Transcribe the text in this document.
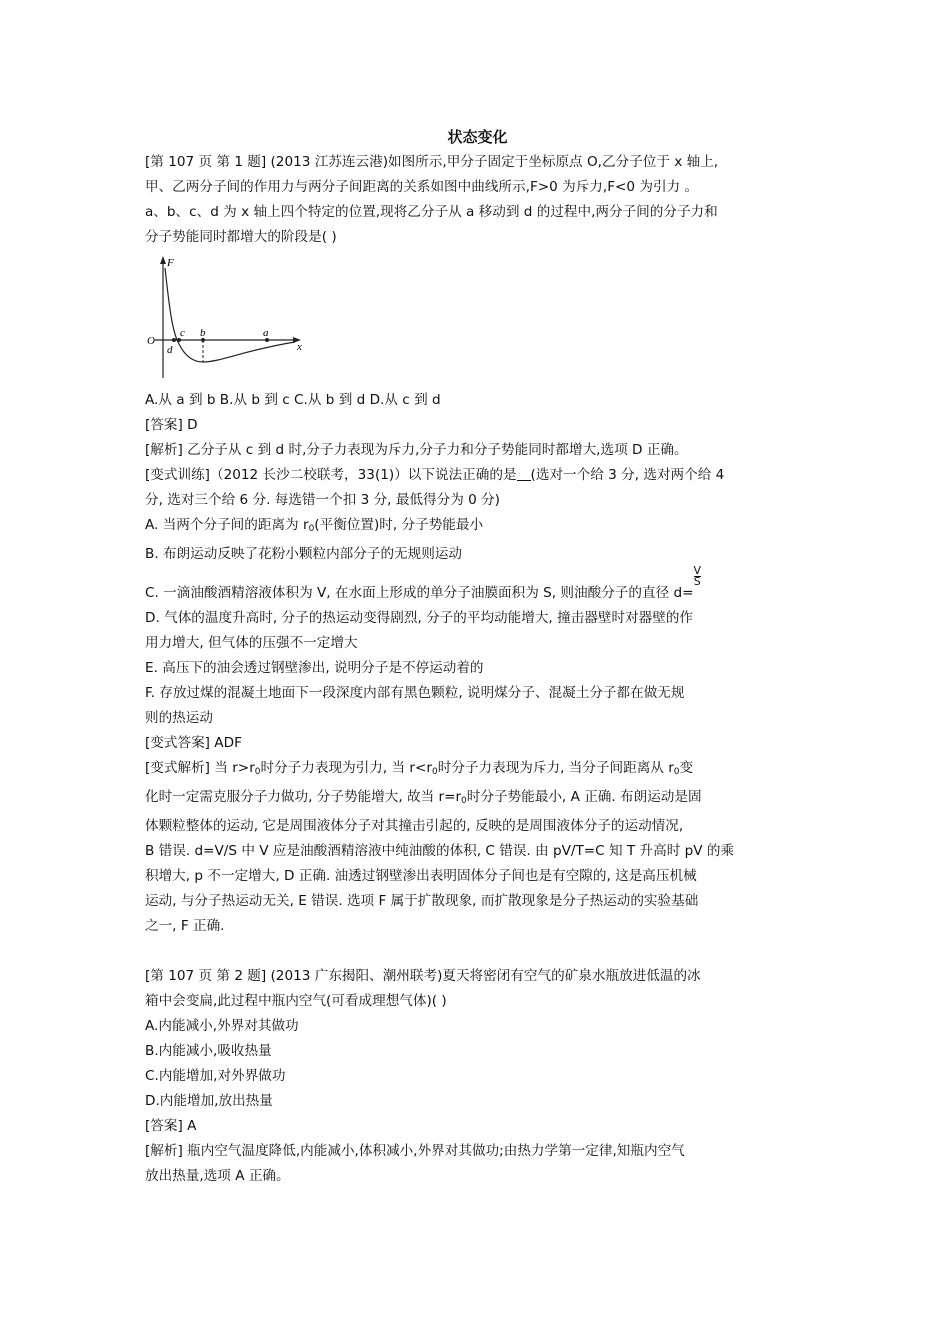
状态变化

[第 107 页 第 1 题] (2013 江苏连云港)如图所示,甲分子固定于坐标原点 O,乙分子位于 x 轴上,

甲、乙两分子间的作用力与两分子间距离的关系如图中曲线所示,F>0 为斥力,F<0 为引力 。

a、b、c、d 为 x 轴上四个特定的位置,现将乙分子从 a 移动到 d 的过程中,两分子间的分子力和

分子势能同时都增大的阶段是( )

F
O	x
a
b
c
d

A.从 a 到 b B.从 b 到 c C.从 b 到 d D.从 c 到 d

[答案] D

[解析] 乙分子从 c 到 d 时,分子力表现为斥力,分子力和分子势能同时都增大,选项 D 正确。

[变式训练]（2012 长沙二校联考，33(1)）以下说法正确的是 (选对一个给 3 分, 选对两个给 4

分, 选对三个给 6 分. 每选错一个扣 3 分, 最低得分为 0 分)

A. 当两个分子间的距离为 $r_0$(平衡位置)时, 分子势能最小

B. 布朗运动反映了花粉小颗粒内部分子的无规则运动

C. 一滴油酸酒精溶液体积为 V, 在水面上形成的单分子油膜面积为 S, 则油酸分子的直径 d=
$\frac{V}{S}$

D. 气体的温度升高时, 分子的热运动变得剧烈, 分子的平均动能增大, 撞击器壁时对器壁的作

用力增大, 但气体的压强不一定增大

E. 高压下的油会透过钢壁渗出, 说明分子是不停运动着的

F. 存放过煤的混凝土地面下一段深度内部有黑色颗粒, 说明煤分子、混凝土分子都在做无规

则的热运动

[变式答案] ADF

[变式解析] 当 $r>r_0$时分子力表现为引力, 当 $r<r_0$时分子力表现为斥力, 当分子间距离从 $r_0$变

化时一定需克服分子力做功, 分子势能增大, 故当 $r=r_0$时分子势能最小, A 正确. 布朗运动是固

体颗粒整体的运动, 它是周围液体分子对其撞击引起的, 反映的是周围液体分子的运动情况,

B 错误. d=V/S 中 V 应是油酸酒精溶液中纯油酸的体积, C 错误. 由 pV/T=C 知 T 升高时 pV 的乘

积增大, p 不一定增大, D 正确. 油透过钢壁渗出表明固体分子间也是有空隙的, 这是高压机械

运动, 与分子热运动无关, E 错误. 选项 F 属于扩散现象, 而扩散现象是分子热运动的实验基础

之一, F 正确.

[第 107 页 第 2 题] (2013 广东揭阳、潮州联考)夏天将密闭有空气的矿泉水瓶放进低温的冰

箱中会变扁,此过程中瓶内空气(可看成理想气体)( )

A.内能减小,外界对其做功

B.内能减小,吸收热量

C.内能增加,对外界做功

D.内能增加,放出热量

[答案] A

[解析] 瓶内空气温度降低,内能减小,体积减小,外界对其做功;由热力学第一定律,知瓶内空气

放出热量,选项 A 正确。
